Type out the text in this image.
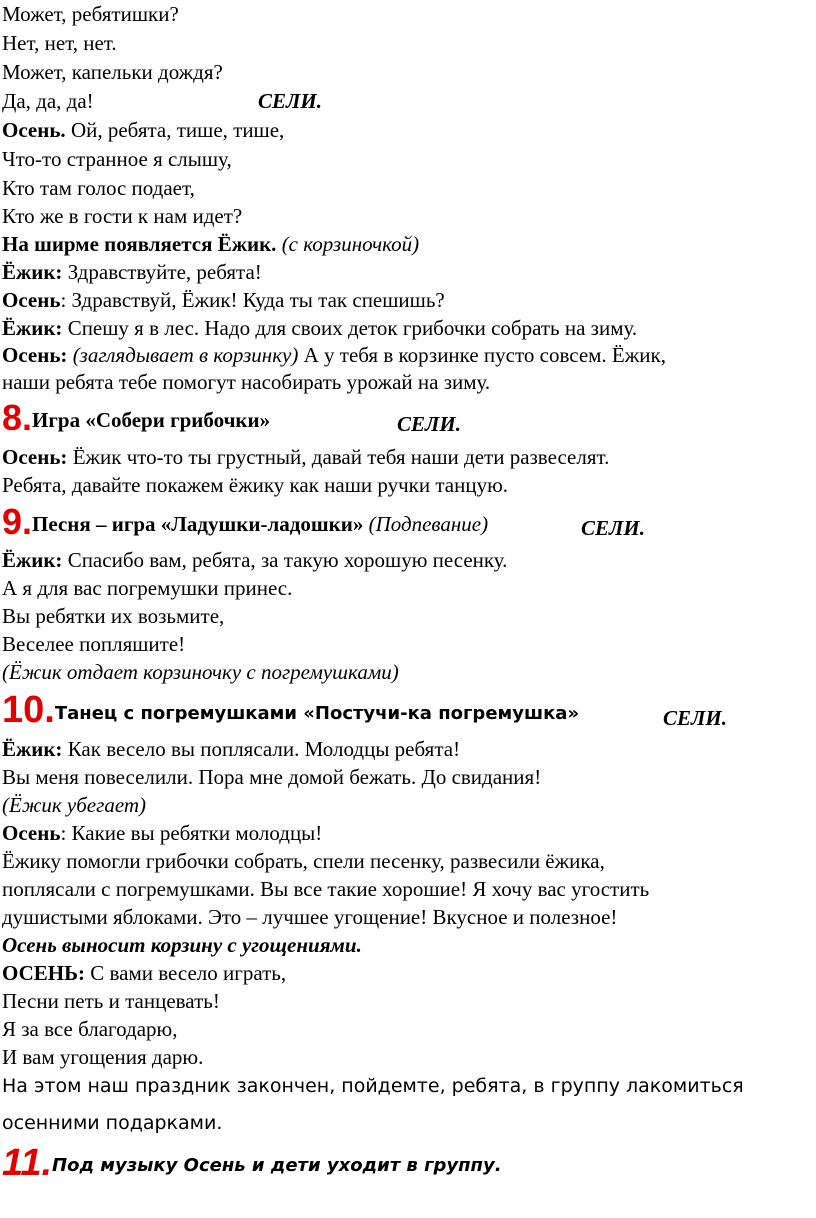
Может, ребятишки?
Нет, нет, нет.
Может, капельки дождя?
Да, да, да!	СЕЛИ.
Осень. Ой, ребята, тише, тише,
Что-то странное я слышу,
Кто там голос подает,
Кто же в гости к нам идет?
На ширме появляется Ёжик. (с корзиночкой)
Ёжик: Здравствуйте, ребята!
Осень: Здравствуй, Ёжик! Куда ты так спешишь?
Ёжик: Спешу я в лес. Надо для своих деток грибочки собрать на зиму.
Осень: (заглядывает в корзинку) А у тебя в корзинке пусто совсем. Ёжик,
наши ребята тебе помогут насобирать урожай на зиму.
8.Игра «Собери грибочки»	СЕЛИ.
Осень: Ёжик что-то ты грустный, давай тебя наши дети развеселят.
Ребята, давайте покажем ёжику как наши ручки танцую.
9.Песня – игра «Ладушки-ладошки» (Подпевание)	СЕЛИ.
Ёжик: Спасибо вам, ребята, за такую хорошую песенку.
А я для вас погремушки принес.
Вы ребятки их возьмите,
Веселее попляшите!
(Ёжик отдает корзиночку с погремушками)
10.Танец с погремушками «Постучи-ка погремушка»	СЕЛИ.
Ёжик: Как весело вы поплясали. Молодцы ребята!
Вы меня повеселили. Пора мне домой бежать. До свидания!
(Ёжик убегает)
Осень: Какие вы ребятки молодцы!
Ёжику помогли грибочки собрать, спели песенку, развесили ёжика,
поплясали с погремушками. Вы все такие хорошие! Я хочу вас угостить
душистыми яблоками. Это – лучшее угощение! Вкусное и полезное!
Осень выносит корзину с угощениями.
ОСЕНЬ: С вами весело играть,
Песни петь и танцевать!
Я за все благодарю,
И вам угощения дарю.
На этом наш праздник закончен, пойдемте, ребята, в группу лакомиться
осенними подарками.
11.Под музыку Осень и дети уходит в группу.
